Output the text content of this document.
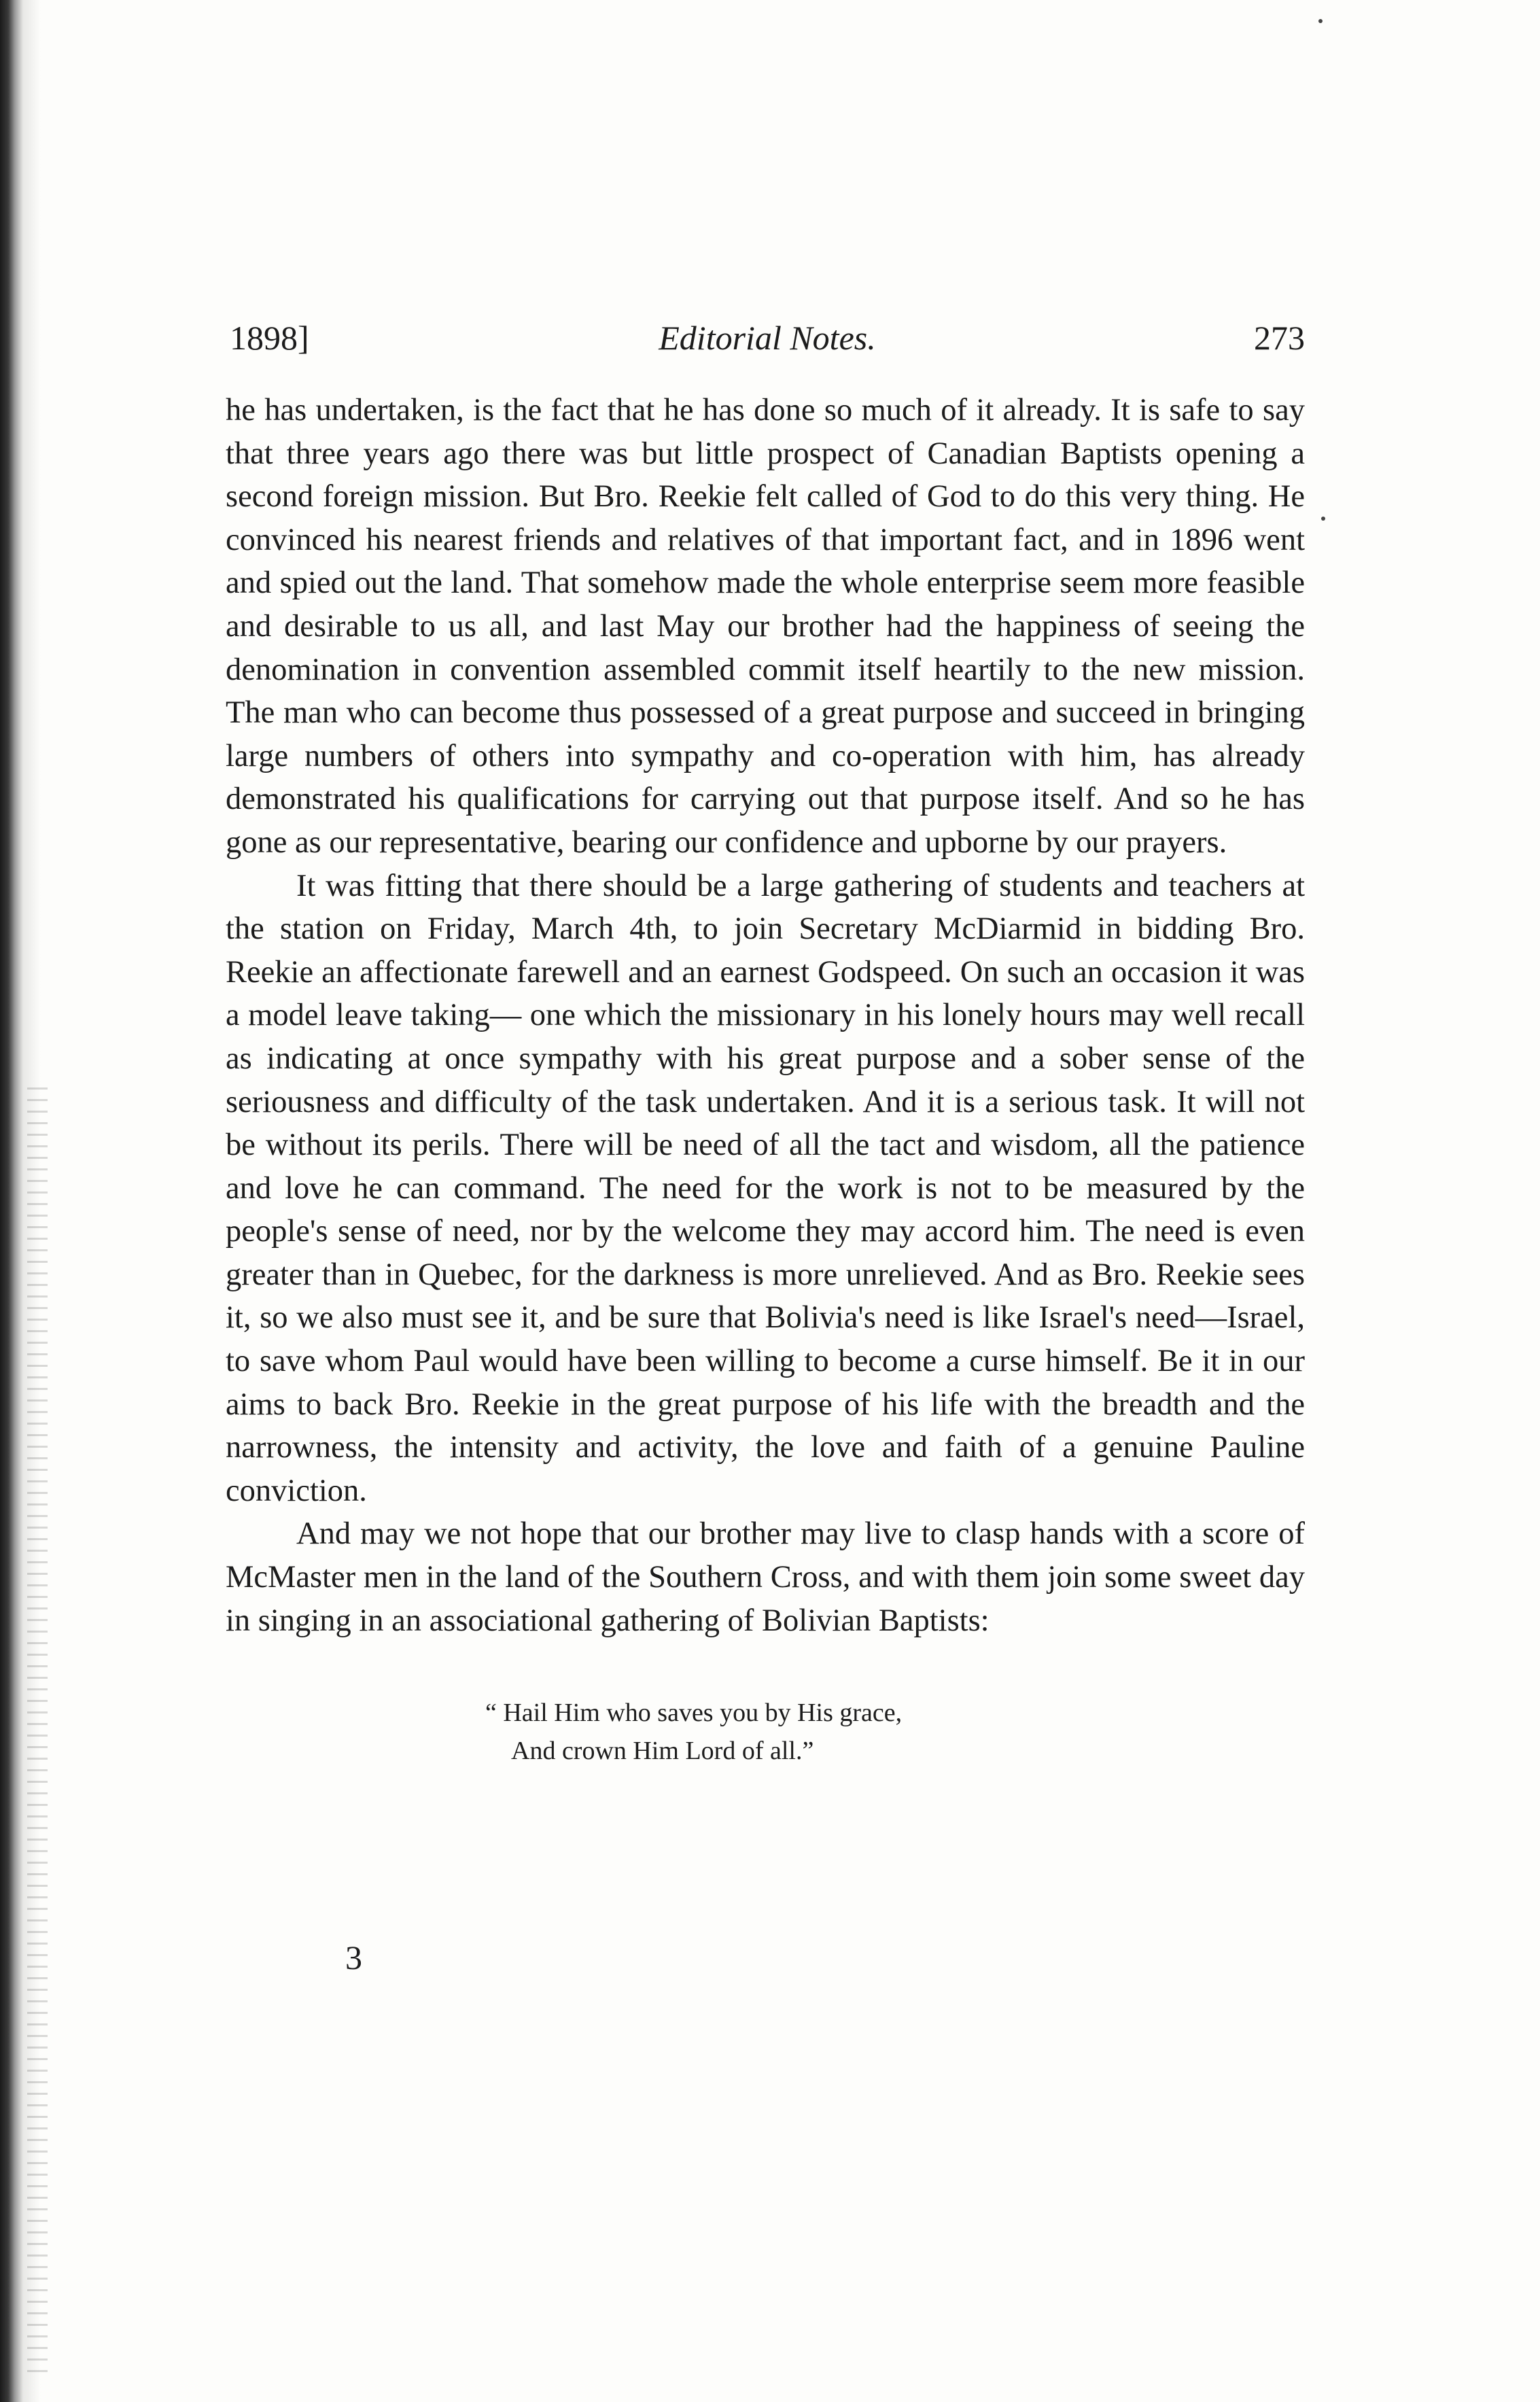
1898]	Editorial Notes.	273

he has undertaken, is the fact that he has done so much of it already. It is safe to say that three years ago there was but little prospect of Canadian Baptists opening a second foreign mission. But Bro. Reekie felt called of God to do this very thing. He convinced his nearest friends and relatives of that important fact, and in 1896 went and spied out the land. That somehow made the whole enterprise seem more feasible and desirable to us all, and last May our brother had the happiness of seeing the denomination in convention assembled commit itself heartily to the new mission. The man who can become thus possessed of a great purpose and succeed in bringing large numbers of others into sympathy and co-operation with him, has already demonstrated his qualifications for carrying out that purpose itself. And so he has gone as our representative, bearing our confidence and upborne by our prayers.

It was fitting that there should be a large gathering of students and teachers at the station on Friday, March 4th, to join Secretary McDiarmid in bidding Bro. Reekie an affectionate farewell and an earnest Godspeed. On such an occasion it was a model leave taking— one which the missionary in his lonely hours may well recall as indicating at once sympathy with his great purpose and a sober sense of the seriousness and difficulty of the task undertaken. And it is a serious task. It will not be without its perils. There will be need of all the tact and wisdom, all the patience and love he can command. The need for the work is not to be measured by the people's sense of need, nor by the welcome they may accord him. The need is even greater than in Quebec, for the darkness is more unrelieved. And as Bro. Reekie sees it, so we also must see it, and be sure that Bolivia's need is like Israel's need—Israel, to save whom Paul would have been willing to become a curse himself. Be it in our aims to back Bro. Reekie in the great purpose of his life with the breadth and the narrowness, the intensity and activity, the love and faith of a genuine Pauline conviction.

And may we not hope that our brother may live to clasp hands with a score of McMaster men in the land of the Southern Cross, and with them join some sweet day in singing in an associational gathering of Bolivian Baptists:

“ Hail Him who saves you by His grace,
And crown Him Lord of all.”
3
